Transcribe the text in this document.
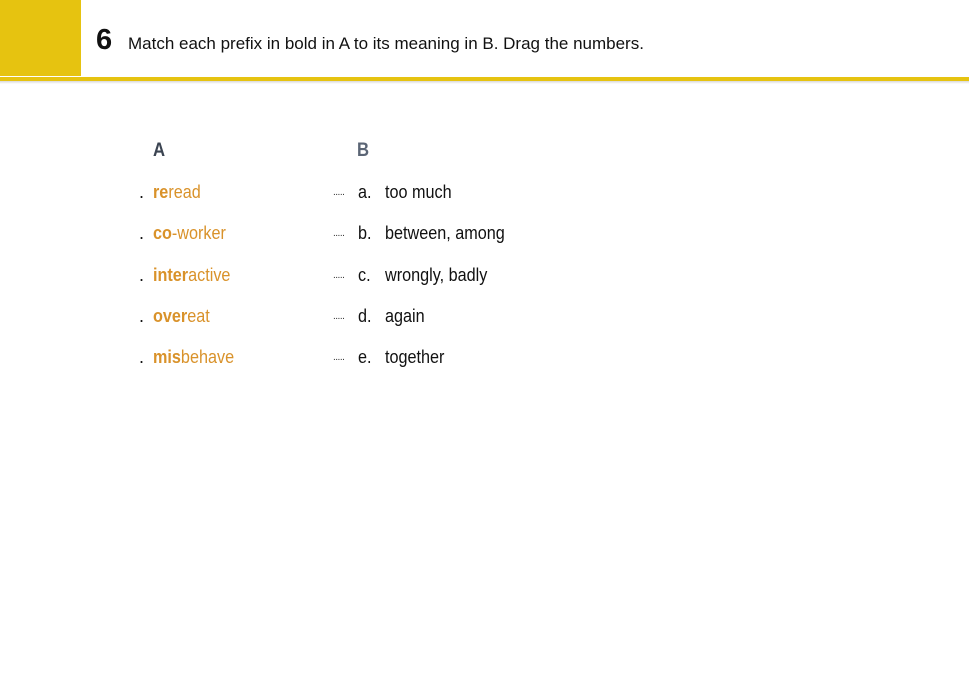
6 Match each prefix in bold in A to its meaning in B. Drag the numbers.
A	B
. reread	..... a. too much
. co-worker	..... b. between, among
. interactive	..... c. wrongly, badly
. overeat	..... d. again
. misbehave	..... e. together
